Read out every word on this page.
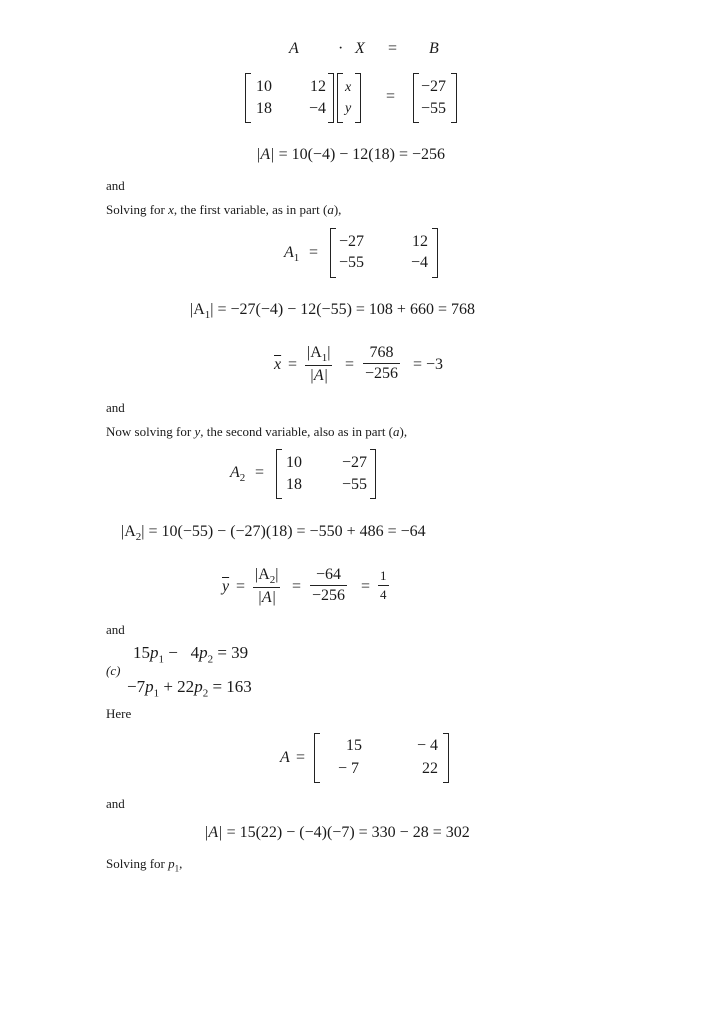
A · X = B
10	12
18	−4
x
y
=
−27
−55
|A| = 10(−4) − 12(18) = −256
and
Solving for x, the first variable, as in part (a),
$A_1$ =
−27	12
−55	−4
$|A_1| = -27(-4) - 12(-55) = 108 + 660 = 768$
$\overline{x} = \frac{|A_1|}{|A|} = \frac{768}{-256} = -3$
and
Now solving for y, the second variable, also as in part (a),
$A_2$ =
10	−27
18	−55
$|A_2| = 10(-55) - (-27)(18) = -550 + 486 = -64$
$\overline{y} = \frac{|A_2|}{|A|} = \frac{-64}{-256} = \frac{1}{4}$
and
$15p_1 - 4p_2 = 39$
(c)
$-7p_1 + 22p_2 = 163$
Here
A =
15	− 4
− 7	22
and
|A| = 15(22) − (−4)(−7) = 330 − 28 = 302
Solving for $p_1$,
